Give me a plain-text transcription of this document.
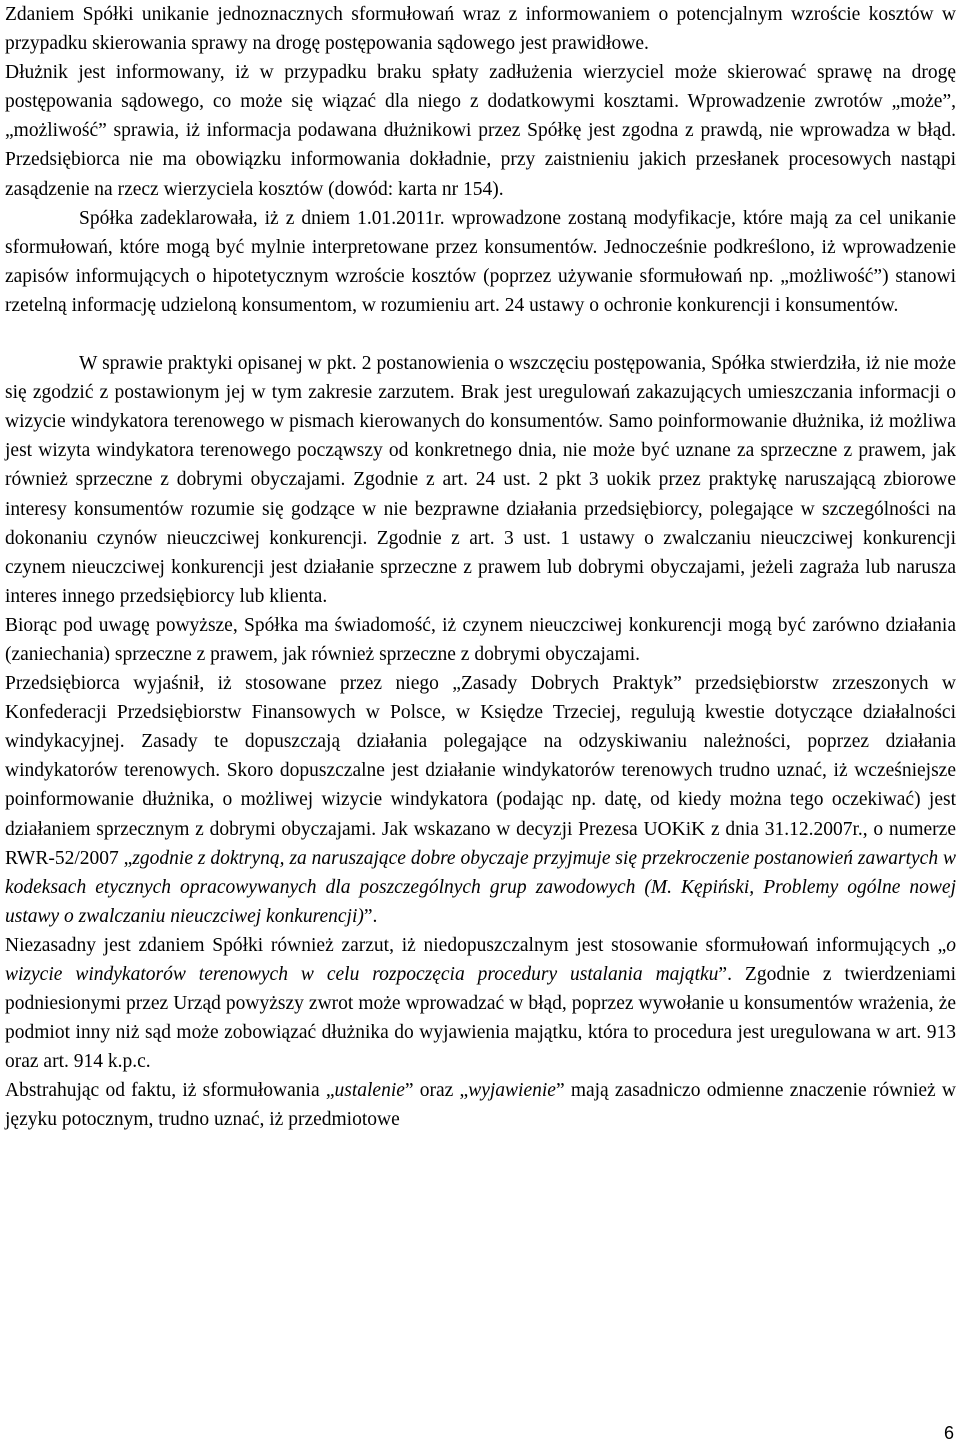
Zdaniem Spółki unikanie jednoznacznych sformułowań wraz z informowaniem o potencjalnym wzroście kosztów w przypadku skierowania sprawy na drogę postępowania sądowego jest prawidłowe.

Dłużnik jest informowany, iż w przypadku braku spłaty zadłużenia wierzyciel może skierować sprawę na drogę postępowania sądowego, co może się wiązać dla niego z dodatkowymi kosztami. Wprowadzenie zwrotów „może”, „możliwość” sprawia, iż informacja podawana dłużnikowi przez Spółkę jest zgodna z prawdą, nie wprowadza w błąd. Przedsiębiorca nie ma obowiązku informowania dokładnie, przy zaistnieniu jakich przesłanek procesowych nastąpi zasądzenie na rzecz wierzyciela kosztów (dowód: karta nr 154).

Spółka zadeklarowała, iż z dniem 1.01.2011r. wprowadzone zostaną modyfikacje, które mają za cel unikanie sformułowań, które mogą być mylnie interpretowane przez konsumentów. Jednocześnie podkreślono, iż wprowadzenie zapisów informujących o hipotetycznym wzroście kosztów (poprzez używanie sformułowań np. „możliwość”) stanowi rzetelną informację udzieloną konsumentom, w rozumieniu art. 24 ustawy o ochronie konkurencji i konsumentów.

W sprawie praktyki opisanej w pkt. 2 postanowienia o wszczęciu postępowania, Spółka stwierdziła, iż nie może się zgodzić z postawionym jej w tym zakresie zarzutem. Brak jest uregulowań zakazujących umieszczania informacji o wizycie windykatora terenowego w pismach kierowanych do konsumentów. Samo poinformowanie dłużnika, iż możliwa jest wizyta windykatora terenowego począwszy od konkretnego dnia, nie może być uznane za sprzeczne z prawem, jak również sprzeczne z dobrymi obyczajami. Zgodnie z art. 24 ust. 2 pkt 3 uokik przez praktykę naruszającą zbiorowe interesy konsumentów rozumie się godzące w nie bezprawne działania przedsiębiorcy, polegające w szczególności na dokonaniu czynów nieuczciwej konkurencji. Zgodnie z art. 3 ust. 1 ustawy o zwalczaniu nieuczciwej konkurencji czynem nieuczciwej konkurencji jest działanie sprzeczne z prawem lub dobrymi obyczajami, jeżeli zagraża lub narusza interes innego przedsiębiorcy lub klienta.

Biorąc pod uwagę powyższe, Spółka ma świadomość, iż czynem nieuczciwej konkurencji mogą być zarówno działania (zaniechania) sprzeczne z prawem, jak również sprzeczne z dobrymi obyczajami.

Przedsiębiorca wyjaśnił, iż stosowane przez niego „Zasady Dobrych Praktyk” przedsiębiorstw zrzeszonych w Konfederacji Przedsiębiorstw Finansowych w Polsce, w Księdze Trzeciej, regulują kwestie dotyczące działalności windykacyjnej. Zasady te dopuszczają działania polegające na odzyskiwaniu należności, poprzez działania windykatorów terenowych. Skoro dopuszczalne jest działanie windykatorów terenowych trudno uznać, iż wcześniejsze poinformowanie dłużnika, o możliwej wizycie windykatora (podając np. datę, od kiedy można tego oczekiwać) jest działaniem sprzecznym z dobrymi obyczajami. Jak wskazano w decyzji Prezesa UOKiK z dnia 31.12.2007r., o numerze RWR-52/2007 „zgodnie z doktryną, za naruszające dobre obyczaje przyjmuje się przekroczenie postanowień zawartych w kodeksach etycznych opracowywanych dla poszczególnych grup zawodowych (M. Kępiński, Problemy ogólne nowej ustawy o zwalczaniu nieuczciwej konkurencji)”.

Niezasadny jest zdaniem Spółki również zarzut, iż niedopuszczalnym jest stosowanie sformułowań informujących „o wizycie windykatorów terenowych w celu rozpoczęcia procedury ustalania majątku”. Zgodnie z twierdzeniami podniesionymi przez Urząd powyższy zwrot może wprowadzać w błąd, poprzez wywołanie u konsumentów wrażenia, że podmiot inny niż sąd może zobowiązać dłużnika do wyjawienia majątku, która to procedura jest uregulowana w art. 913 oraz art. 914 k.p.c.

Abstrahując od faktu, iż sformułowania „ustalenie” oraz „wyjawienie” mają zasadniczo odmienne znaczenie również w języku potocznym, trudno uznać, iż przedmiotowe

6
